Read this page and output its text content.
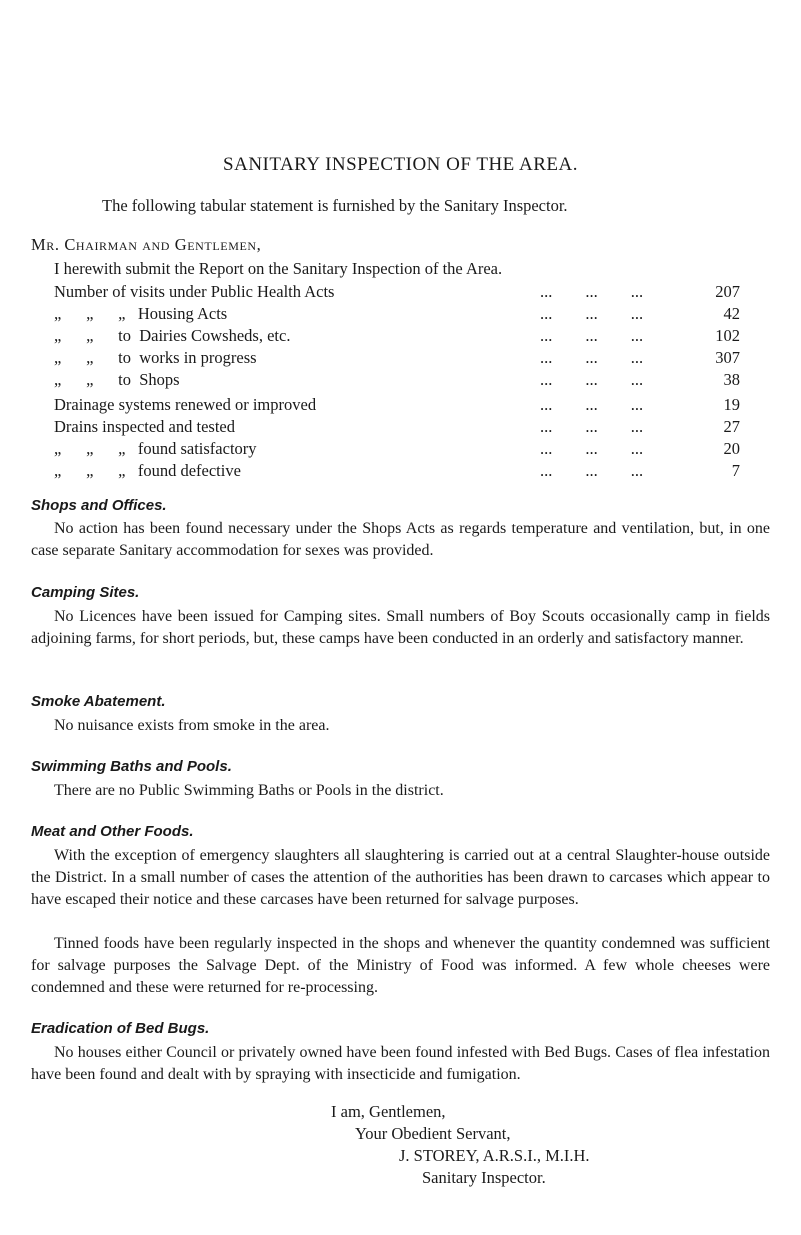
SANITARY INSPECTION OF THE AREA.
The following tabular statement is furnished by the Sanitary Inspector.
Mr. Chairman and Gentlemen,
I herewith submit the Report on the Sanitary Inspection of the Area.
Number of visits under Public Health Acts	...        ...        ...	207
„      „      „   Housing Acts	...        ...        ...	42
„      „      to  Dairies Cowsheds, etc.	...        ...        ...	102
„      „      to  works in progress	...        ...        ...	307
„      „      to  Shops	...        ...        ...	38
Drainage systems renewed or improved	...        ...        ...	19
Drains inspected and tested	...        ...        ...	27
„      „      „   found satisfactory	...        ...        ...	20
„      „      „   found defective	...        ...        ...	7
Shops and Offices.

No action has been found necessary under the Shops Acts as regards temperature and ventilation, but, in one case separate Sanitary accommodation for sexes was provided.

Camping Sites.

No Licences have been issued for Camping sites. Small numbers of Boy Scouts occasionally camp in fields adjoining farms, for short periods, but, these camps have been conducted in an orderly and satisfactory manner.

Smoke Abatement.

No nuisance exists from smoke in the area.

Swimming Baths and Pools.

There are no Public Swimming Baths or Pools in the district.

Meat and Other Foods.

With the exception of emergency slaughters all slaughtering is carried out at a central Slaughter-house outside the District. In a small number of cases the attention of the authorities has been drawn to carcases which appear to have escaped their notice and these carcases have been returned for salvage purposes.

Tinned foods have been regularly inspected in the shops and whenever the quantity condemned was sufficient for salvage purposes the Salvage Dept. of the Ministry of Food was informed. A few whole cheeses were condemned and these were returned for re-processing.

Eradication of Bed Bugs.

No houses either Council or privately owned have been found infested with Bed Bugs. Cases of flea infestation have been found and dealt with by spraying with insecticide and fumigation.

I am, Gentlemen,
Your Obedient Servant,
J. STOREY, A.R.S.I., M.I.H.
Sanitary Inspector.
